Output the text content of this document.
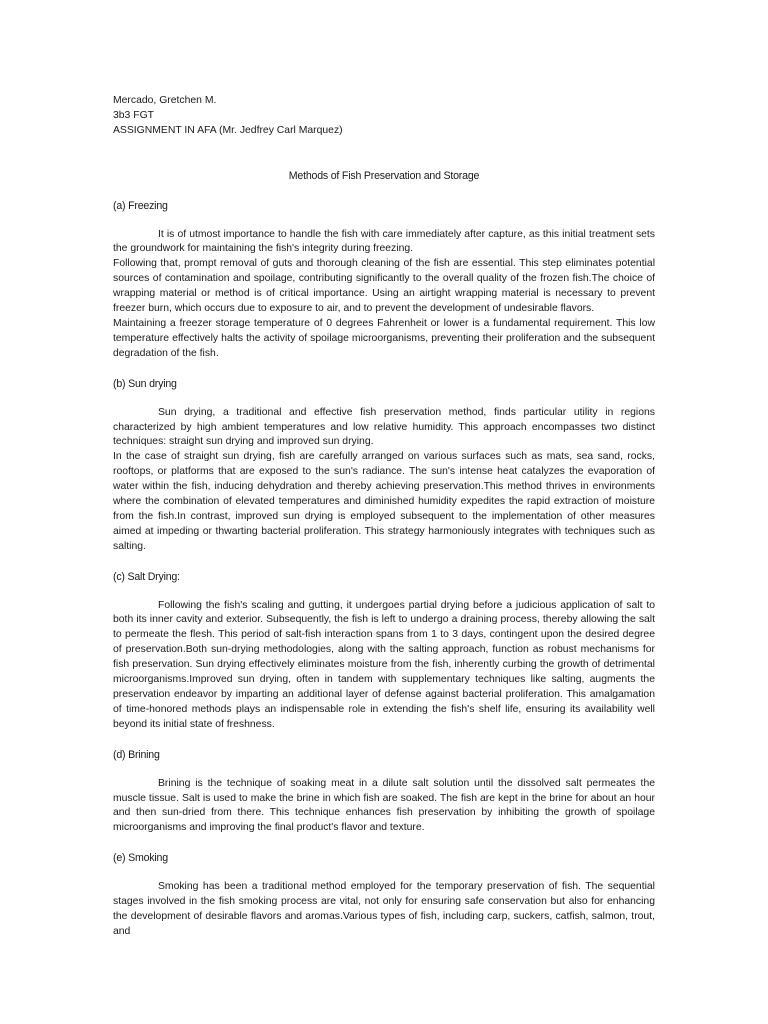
Mercado, Gretchen M.

3b3 FGT

ASSIGNMENT IN AFA (Mr. Jedfrey Carl Marquez)

Methods of Fish Preservation and Storage

(a) Freezing

It is of utmost importance to handle the fish with care immediately after capture, as this initial treatment sets the groundwork for maintaining the fish's integrity during freezing.

Following that, prompt removal of guts and thorough cleaning of the fish are essential. This step eliminates potential sources of contamination and spoilage, contributing significantly to the overall quality of the frozen fish.The choice of wrapping material or method is of critical importance. Using an airtight wrapping material is necessary to prevent freezer burn, which occurs due to exposure to air, and to prevent the development of undesirable flavors.

Maintaining a freezer storage temperature of 0 degrees Fahrenheit or lower is a fundamental requirement. This low temperature effectively halts the activity of spoilage microorganisms, preventing their proliferation and the subsequent degradation of the fish.

(b) Sun drying

Sun drying, a traditional and effective fish preservation method, finds particular utility in regions characterized by high ambient temperatures and low relative humidity. This approach encompasses two distinct techniques: straight sun drying and improved sun drying.

In the case of straight sun drying, fish are carefully arranged on various surfaces such as mats, sea sand, rocks, rooftops, or platforms that are exposed to the sun's radiance. The sun's intense heat catalyzes the evaporation of water within the fish, inducing dehydration and thereby achieving preservation.This method thrives in environments where the combination of elevated temperatures and diminished humidity expedites the rapid extraction of moisture from the fish.In contrast, improved sun drying is employed subsequent to the implementation of other measures aimed at impeding or thwarting bacterial proliferation. This strategy harmoniously integrates with techniques such as salting.

(c) Salt Drying:

Following the fish's scaling and gutting, it undergoes partial drying before a judicious application of salt to both its inner cavity and exterior. Subsequently, the fish is left to undergo a draining process, thereby allowing the salt to permeate the flesh. This period of salt-fish interaction spans from 1 to 3 days, contingent upon the desired degree of preservation.Both sun-drying methodologies, along with the salting approach, function as robust mechanisms for fish preservation. Sun drying effectively eliminates moisture from the fish, inherently curbing the growth of detrimental microorganisms.Improved sun drying, often in tandem with supplementary techniques like salting, augments the preservation endeavor by imparting an additional layer of defense against bacterial proliferation. This amalgamation of time-honored methods plays an indispensable role in extending the fish's shelf life, ensuring its availability well beyond its initial state of freshness.

(d) Brining

Brining is the technique of soaking meat in a dilute salt solution until the dissolved salt permeates the muscle tissue. Salt is used to make the brine in which fish are soaked. The fish are kept in the brine for about an hour and then sun-dried from there. This technique enhances fish preservation by inhibiting the growth of spoilage microorganisms and improving the final product's flavor and texture.

(e) Smoking

Smoking has been a traditional method employed for the temporary preservation of fish. The sequential stages involved in the fish smoking process are vital, not only for ensuring safe conservation but also for enhancing the development of desirable flavors and aromas.Various types of fish, including carp, suckers, catfish, salmon, trout, and
